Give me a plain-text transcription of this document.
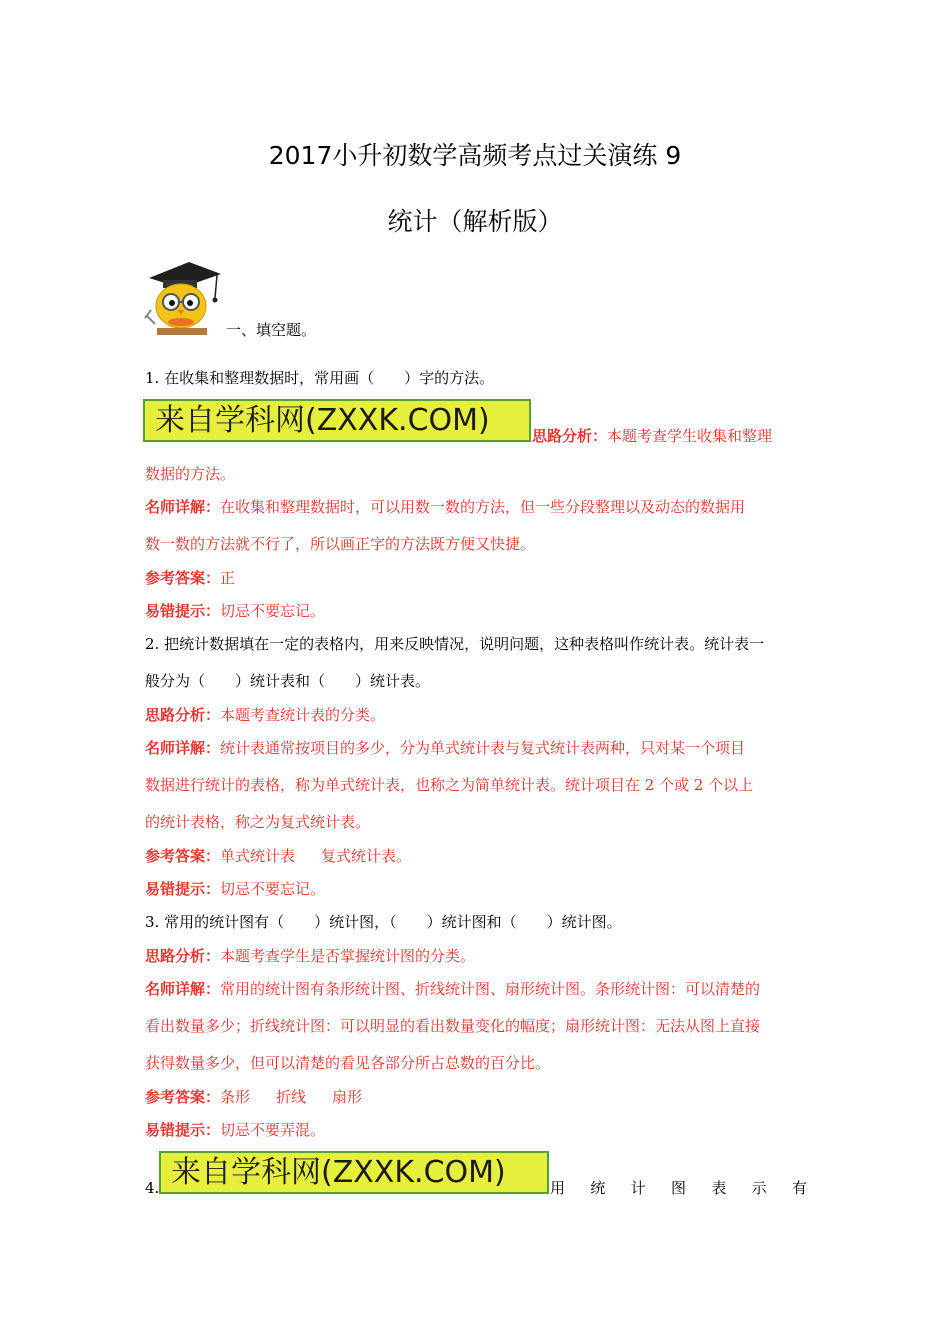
2017小升初数学高频考点过关演练 9
统计（解析版）
一、填空题。
1. 在收集和整理数据时，常用画（　　）字的方法。
来自学科网(ZXXK.COM)	思路分析：本题考查学生收集和整理
数据的方法。
名师详解：在收集和整理数据时，可以用数一数的方法，但一些分段整理以及动态的数据用
数一数的方法就不行了，所以画正字的方法既方便又快捷。
参考答案：正
易错提示：切忌不要忘记。
2. 把统计数据填在一定的表格内，用来反映情况，说明问题，这种表格叫作统计表。统计表一
般分为（　　）统计表和（　　）统计表。
思路分析：本题考查统计表的分类。
名师详解：统计表通常按项目的多少，分为单式统计表与复式统计表两种，只对某一个项目
数据进行统计的表格，称为单式统计表，也称之为简单统计表。统计项目在 2 个或 2 个以上
的统计表格，称之为复式统计表。
参考答案：单式统计表 复式统计表。
易错提示：切忌不要忘记。
3. 常用的统计图有（　　）统计图，（　　）统计图和（　　）统计图。
思路分析：本题考查学生是否掌握统计图的分类。
名师详解：常用的统计图有条形统计图、折线统计图、扇形统计图。条形统计图：可以清楚的
看出数量多少；折线统计图：可以明显的看出数量变化的幅度；扇形统计图：无法从图上直接
获得数量多少，但可以清楚的看见各部分所占总数的百分比。
参考答案：条形 折线 扇形
易错提示：切忌不要弄混。
4. 来自学科网(ZXXK.COM)	用 统 计 图 表 示 有
